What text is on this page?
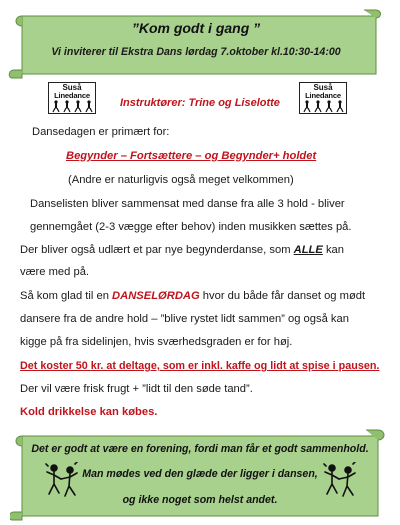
”Kom godt i gang ”
Vi inviterer til Ekstra Dans lørdag 7.oktober kl.10:30-14:00
Suså
Linedance
Suså
Linedance
Instruktører: Trine og Liselotte
Dansedagen er primært for:
Begynder – Fortsættere – og Begynder+ holdet
(Andre er naturligvis også meget velkommen)
Danselisten bliver sammensat med danse fra alle 3 hold - bliver
gennemgået (2-3 vægge efter behov) inden musikken sættes på.
Der bliver også udlært et par nye begynderdanse, som ALLE kan
være med på.
Så kom glad til en DANSELØRDAG hvor du både får danset og mødt
dansere fra de andre hold – ”blive rystet lidt sammen” og også kan
kigge på fra sidelinjen, hvis sværhedsgraden er for høj.
Det koster 50 kr. at deltage, som er inkl. kaffe og lidt at spise i pausen.
Der vil være frisk frugt + ”lidt til den søde tand”.
Kold drikkelse kan købes.
Det er godt at være en forening, fordi man får et godt sammenhold.
Man mødes ved den glæde der ligger i dansen,
og ikke noget som helst andet.
